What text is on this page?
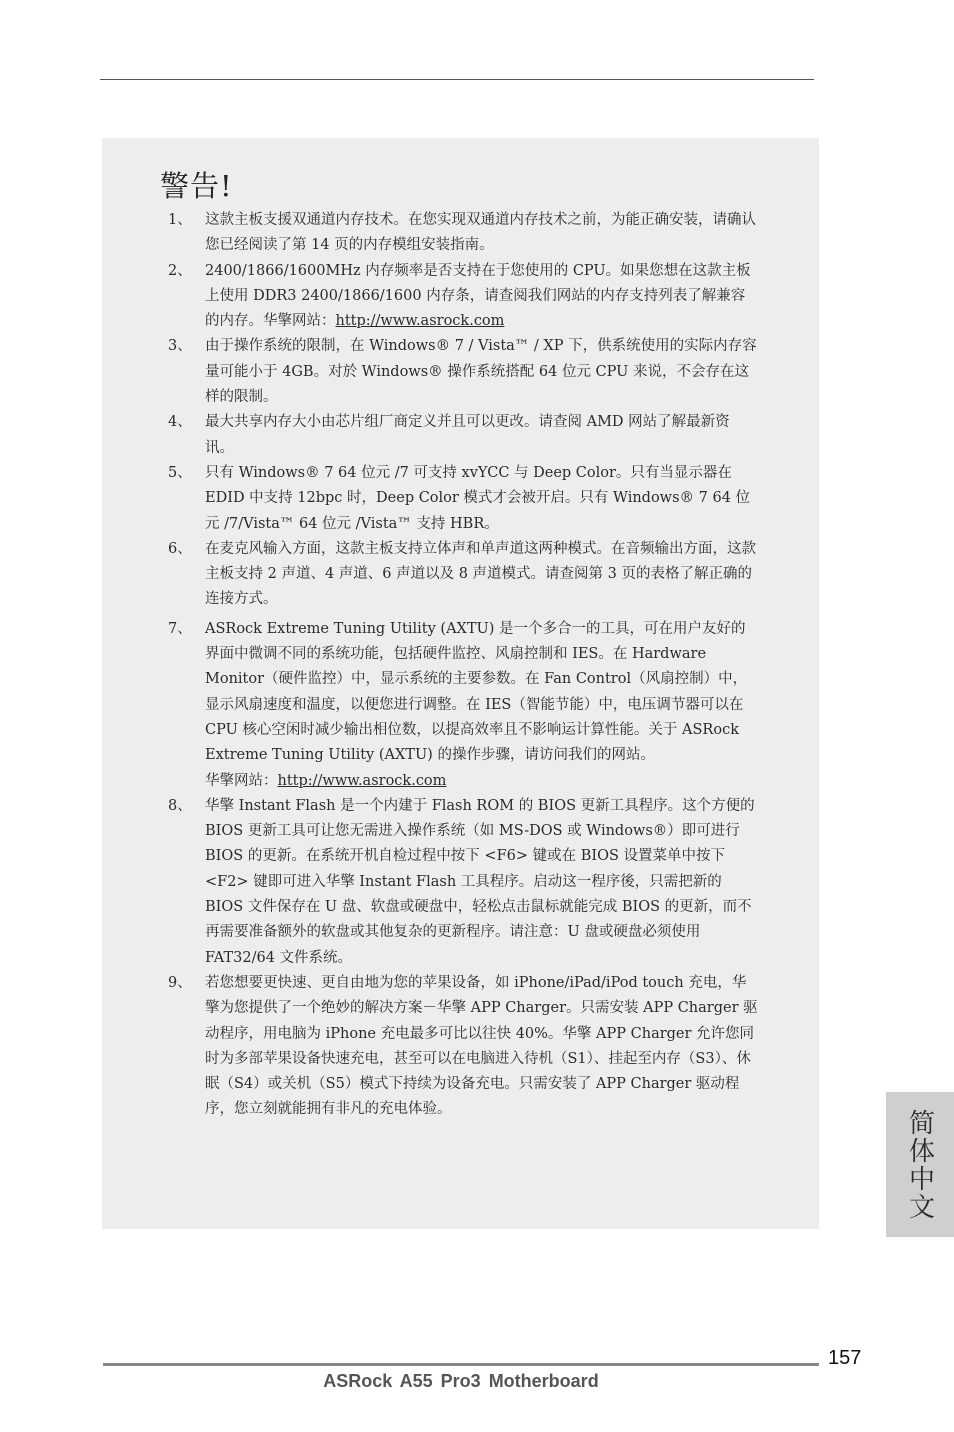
警告!
1、 这款主板支援双通道内存技术。在您实现双通道内存技术之前，为能正确安装，请确认您已经阅读了第 14 页的内存模组安装指南。
2、 2400/1866/1600MHz 内存频率是否支持在于您使用的 CPU。如果您想在这款主板上使用 DDR3 2400/1866/1600 内存条，请查阅我们网站的内存支持列表了解兼容的内存。华擎网站：http://www.asrock.com
3、 由于操作系统的限制，在 Windows® 7 / Vista™ / XP 下，供系统使用的实际内存容量可能小于 4GB。对於 Windows® 操作系统搭配 64 位元 CPU 来说，不会存在这样的限制。
4、 最大共享内存大小由芯片组厂商定义并且可以更改。请查阅 AMD 网站了解最新资讯。
5、 只有 Windows® 7 64 位元 /7 可支持 xvYCC 与 Deep Color。只有当显示器在 EDID 中支持 12bpc 时，Deep Color 模式才会被开启。只有 Windows® 7 64 位元 /7/Vista™ 64 位元 /Vista™ 支持 HBR。
6、 在麦克风输入方面，这款主板支持立体声和单声道这两种模式。在音频输出方面，这款主板支持 2 声道、4 声道、6 声道以及 8 声道模式。请查阅第 3 页的表格了解正确的连接方式。
7、 ASRock Extreme Tuning Utility (AXTU) 是一个多合一的工具，可在用户友好的界面中微调不同的系统功能，包括硬件监控、风扇控制和 IES。在 Hardware Monitor（硬件监控）中，显示系统的主要参数。在 Fan Control（风扇控制）中，显示风扇速度和温度，以便您进行调整。在 IES（智能节能）中，电压调节器可以在 CPU 核心空闲时减少输出相位数，以提高效率且不影响运计算性能。关于 ASRock Extreme Tuning Utility (AXTU) 的操作步骤，请访问我们的网站。
华擎网站：http://www.asrock.com
8、 华擎 Instant Flash 是一个内建于 Flash ROM 的 BIOS 更新工具程序。这个方便的 BIOS 更新工具可让您无需进入操作系统（如 MS-DOS 或 Windows®）即可进行 BIOS 的更新。在系统开机自检过程中按下 <F6> 键或在 BIOS 设置菜单中按下 <F2> 键即可进入华擎 Instant Flash 工具程序。启动这一程序後，只需把新的 BIOS 文件保存在 U 盘、软盘或硬盘中，轻松点击鼠标就能完成 BIOS 的更新，而不再需要准备额外的软盘或其他复杂的更新程序。请注意：U 盘或硬盘必须使用 FAT32/64 文件系统。
9、 若您想要更快速、更自由地为您的苹果设备，如 iPhone/iPad/iPod touch 充电，华擎为您提供了一个绝妙的解决方案－华擎 APP Charger。只需安装 APP Charger 驱动程序，用电脑为 iPhone 充电最多可比以往快 40%。华擎 APP Charger 允许您同时为多部苹果设备快速充电，甚至可以在电脑进入待机（S1）、挂起至内存（S3）、休眠（S4）或关机（S5）模式下持续为设备充电。只需安装了 APP Charger 驱动程序，您立刻就能拥有非凡的充电体验。	简体中文
157
ASRock A55 Pro3 Motherboard
